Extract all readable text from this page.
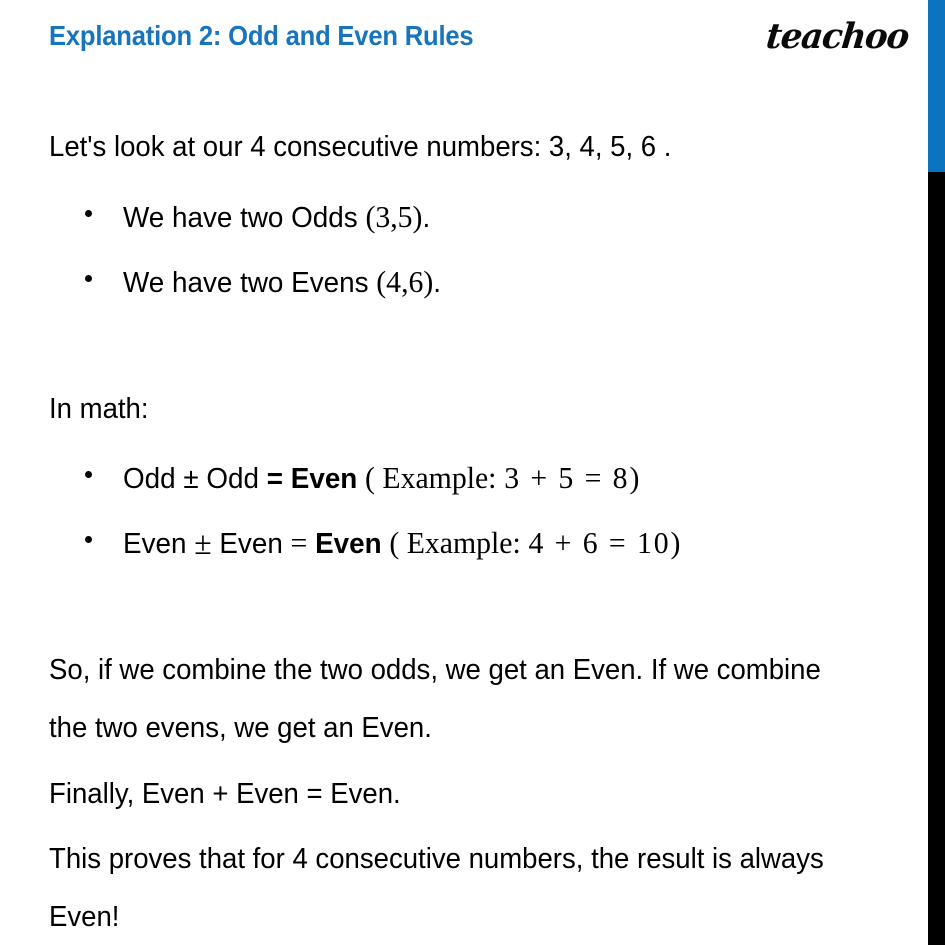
Explanation 2: Odd and Even Rules	teachoo
Let's look at our 4 consecutive numbers: 3, 4, 5, 6 .
We have two Odds (3,5).
We have two Evens (4,6).
In math:
Odd ± Odd = Even ( Example: 3 + 5 = 8)
Even ± Even = Even ( Example: 4 + 6 = 10)
So, if we combine the two odds, we get an Even. If we combine
the two evens, we get an Even.
Finally, Even + Even = Even.
This proves that for 4 consecutive numbers, the result is always
Even!
